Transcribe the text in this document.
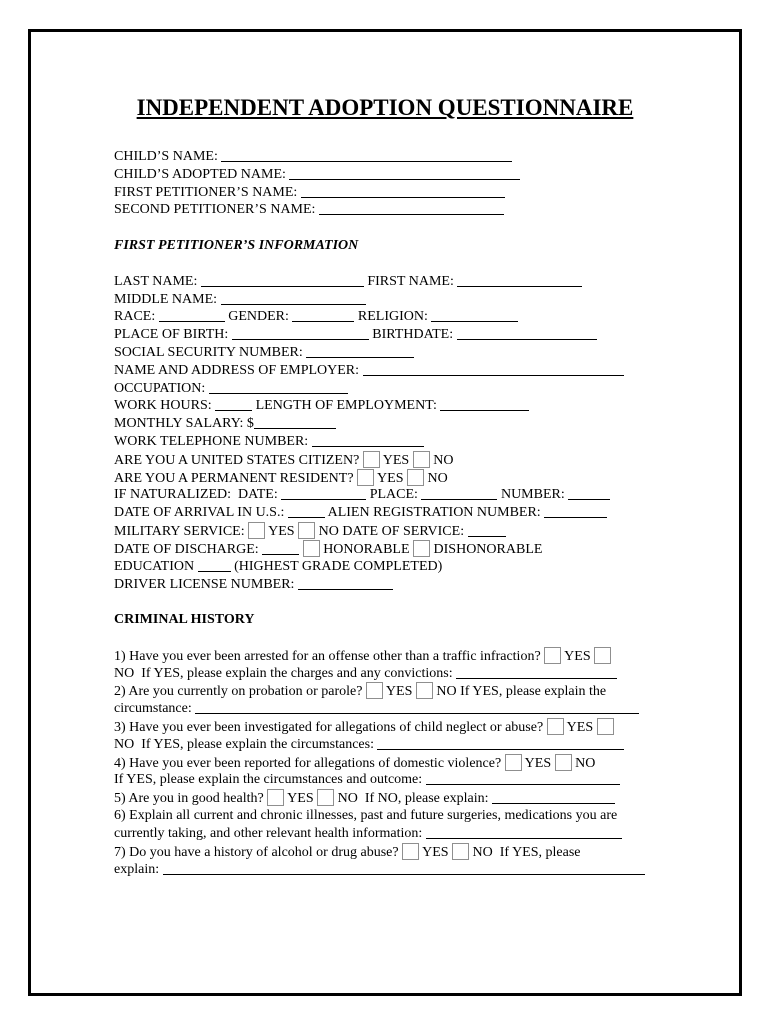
INDEPENDENT ADOPTION QUESTIONNAIRE
CHILD’S NAME:
CHILD’S ADOPTED NAME:
FIRST PETITIONER’S NAME:
SECOND PETITIONER’S NAME:
FIRST PETITIONER’S INFORMATION
LAST NAME:	FIRST NAME:
MIDDLE NAME:
RACE:	GENDER:	RELIGION:
PLACE OF BIRTH:	BIRTHDATE:
SOCIAL SECURITY NUMBER:
NAME AND ADDRESS OF EMPLOYER:
OCCUPATION:
WORK HOURS:	LENGTH OF EMPLOYMENT:
MONTHLY SALARY: $
WORK TELEPHONE NUMBER:
ARE YOU A UNITED STATES CITIZEN? YES NO
ARE YOU A PERMANENT RESIDENT? YES NO
IF NATURALIZED:  DATE:	PLACE:	NUMBER:
DATE OF ARRIVAL IN U.S.:	ALIEN REGISTRATION NUMBER:
MILITARY SERVICE: YES NO DATE OF SERVICE:
DATE OF DISCHARGE:	HONORABLE DISHONORABLE
EDUCATION	(HIGHEST GRADE COMPLETED)
DRIVER LICENSE NUMBER:
CRIMINAL HISTORY
1) Have you ever been arrested for an offense other than a traffic infraction? YES
NO If YES, please explain the charges and any convictions:
2) Are you currently on probation or parole? YES NO If YES, please explain the
circumstance:
3) Have you ever been investigated for allegations of child neglect or abuse? YES
NO If YES, please explain the circumstances:
4) Have you ever been reported for allegations of domestic violence? YES NO
If YES, please explain the circumstances and outcome:
5) Are you in good health? YES NO If NO, please explain:
6) Explain all current and chronic illnesses, past and future surgeries, medications you are
currently taking, and other relevant health information:
7) Do you have a history of alcohol or drug abuse? YES NO If YES, please
explain:
